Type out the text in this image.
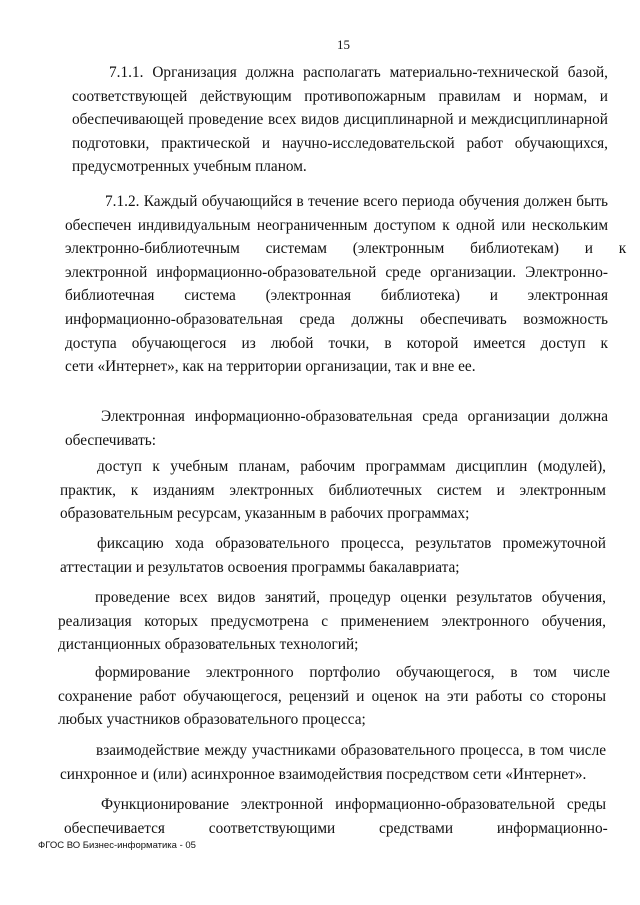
15
7.1.1. Организация должна располагать материально-технической базой,
соответствующей действующим противопожарным правилам и нормам, и
обеспечивающей проведение всех видов дисциплинарной и междисциплинарной
подготовки, практической и научно-исследовательской работ обучающихся,
предусмотренных учебным планом.
7.1.2. Каждый обучающийся в течение всего периода обучения должен быть
обеспечен индивидуальным неограниченным доступом к одной или нескольким
электронно-библиотечным системам (электронным библиотекам) и к
электронной информационно-образовательной среде организации. Электронно-
библиотечная система (электронная библиотека) и электронная
информационно-образовательная среда должны обеспечивать возможность
доступа обучающегося из любой точки, в которой имеется доступ к
сети «Интернет», как на территории организации, так и вне ее.
Электронная информационно-образовательная среда организации должна
обеспечивать:
доступ к учебным планам, рабочим программам дисциплин (модулей),
практик, к изданиям электронных библиотечных систем и электронным
образовательным ресурсам, указанным в рабочих программах;
фиксацию хода образовательного процесса, результатов промежуточной
аттестации и результатов освоения программы бакалавриата;
проведение всех видов занятий, процедур оценки результатов обучения,
реализация которых предусмотрена с применением электронного обучения,
дистанционных образовательных технологий;
формирование электронного портфолио обучающегося, в том числе
сохранение работ обучающегося, рецензий и оценок на эти работы со стороны
любых участников образовательного процесса;
взаимодействие между участниками образовательного процесса, в том числе
синхронное и (или) асинхронное взаимодействия посредством сети «Интернет».
Функционирование электронной информационно-образовательной среды
обеспечивается соответствующими средствами информационно-
ФГОС ВО Бизнес-информатика - 05
